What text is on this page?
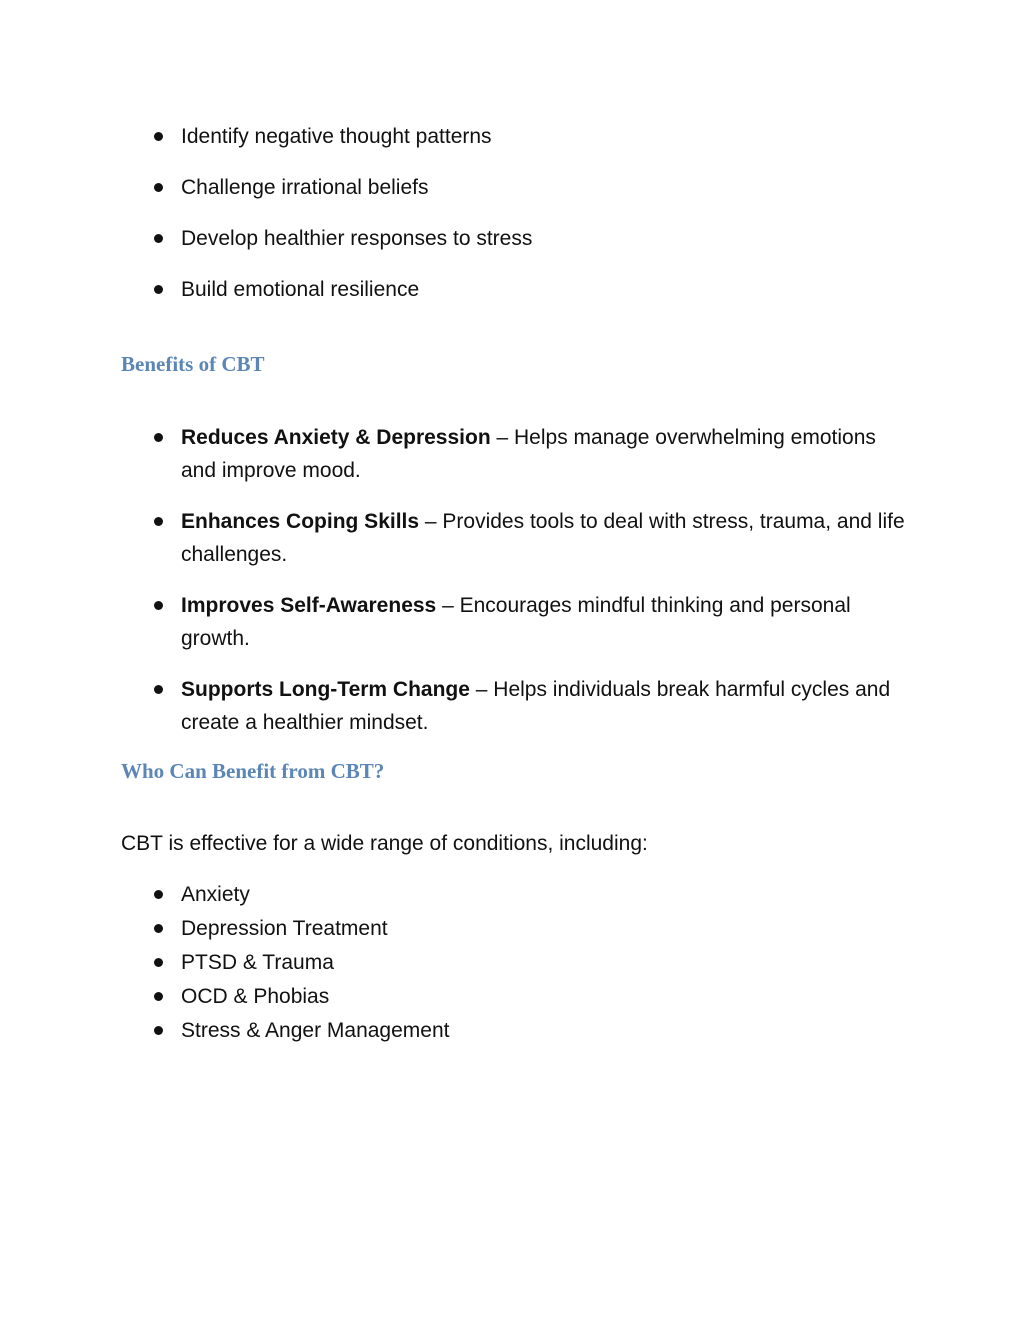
Identify negative thought patterns
Challenge irrational beliefs
Develop healthier responses to stress
Build emotional resilience
Benefits of CBT
Reduces Anxiety & Depression – Helps manage overwhelming emotions and improve mood.
Enhances Coping Skills – Provides tools to deal with stress, trauma, and life challenges.
Improves Self-Awareness – Encourages mindful thinking and personal growth.
Supports Long-Term Change – Helps individuals break harmful cycles and create a healthier mindset.
Who Can Benefit from CBT?
CBT is effective for a wide range of conditions, including:
Anxiety
Depression Treatment
PTSD & Trauma
OCD & Phobias
Stress & Anger Management
